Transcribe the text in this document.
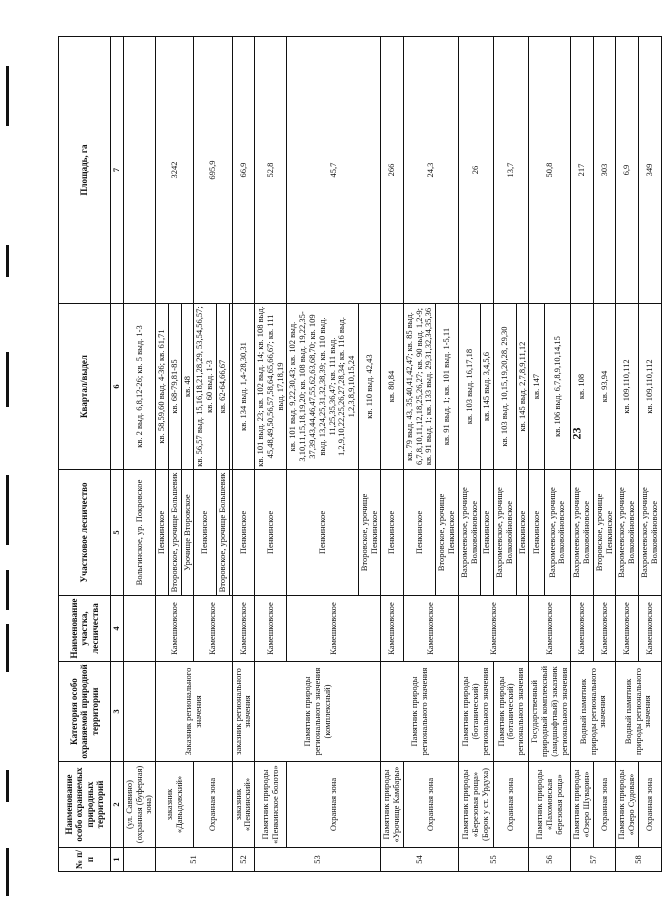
№ п/п	Наименование особо охраняемых природных территорий	Категория особо охраняемой природной территории	Наименование участка, лесничества	Участковое лесничество	Квартал/выдел	Площадь, га
1	2	3	4	5	6	7
	(ул. Саввино) (охранная (буферная) зона)			Вольгинское, ур. Покровское	кв. 2 выд. 6,8,12-26; кв. 5 выд. 1-3	
51	заказник «Давыдовский»	Заказник регионального значения	Камешковское	Пенкинское	кв. 58,59,60 выд. 4-36; кв. 61,71	3242
				Второвское, урочище Большевик	кв. 68-79,81-85	
				Урочище Второвское	кв. 48	
	Охранная зона		Камешковское	Пенкинское	кв. 56,57 выд. 15,16,18,21,28,29, 53,54,56,57; кв. 60 выд. 1-3	695,9
				Второвское, урочище Большевик	кв. 62-64,66,67	

52	заказник «Пенкинский»	заказник регионального значения	Камешковское	Пенкинское	кв. 134 выд. 1,4-28,30,31	66,9
53	Памятник природы «Пенкинское болото»	Памятник природы регионального значения (комплексный)	Камешковское	Пенкинское	кв. 101 выд. 23; кв. 102 выд. 14; кв. 108 выд. 45,48,49,50,56,57,58,64,65,66,67; кв. 111 выд. 17,18,19	52,8
	Охранная зона		Камешковское	Пенкинское	кв. 101 выд. 9,22,30,43; кв. 102 выд. 3,10,11,15,18,19,20; кв. 108 выд. 19,22,35-37,39,43,44,46,47,55,62,63,68,70; кв. 109 выд. 13,24,25,31,32,38,39; кв. 110 выд. 11,25,35,36,47; кв. 111 выд. 1,2,9,10,22,25,26,27,28,34; кв. 116 выд. 1,2,3,8,9,10,15,24	45,7
				Второвское, урочище Пенкинское	кв. 110 выд. 42,43	
54	Памятник природы «Урочище Камбары»	Памятник природы регионального значения	Камешковское	Пенкинское	кв. 80,84	266
	Охранная зона		Камешковское	Пенкинское	кв. 79 выд. 43, 35,40,41,42,47; кв. 85 выд. 6,7,8,10,11,12,18,25,26,27; кв. 90 выд. 1,2-9; кв. 91 выд. 1; кв. 133 выд. 29,31,32,34,35,36	24,3
				Второвское, урочище Пенкинское	кв. 91 выд. 1; кв. 101 выд. 1-5,11	
55	Памятник природы «Березовая роща» (Борок у ст. Урдуха)	Памятник природы (ботанический) регионального значения	Камешковское	Вахромеевское, урочище Волковойновское	кв. 103 выд. 16,17,18	26
				Пенкинское	кв. 145 выд. 3,4,5,6	
	Охранная зона	Памятник природы (ботанический) регионального значения		Вахромеевское, урочище Волковойновское	кв. 103 выд. 10,15,19,20,28, 29,30	13,7
				Пенкинское	кв. 145 выд. 2,7,8,9,11,12	
56	Памятник природы «Пахомовская березовая роща»	Государственный природный комплексный (ландшафтный) заказник регионального значения	Камешковское	Пенкинское	кв. 147	50,8
				Вахромеевское, урочище Волковойновское	кв. 106 выд. 6,7,8,9,10,14,15	
57	Памятник природы «Озеро Шуварин»	Водный памятник природы регионального значения	Камешковское	Вахромеевское, урочище Волковойновское	кв. 108	217
	Охранная зона		Камешковское	Второвское, урочище Пенкинское	кв. 93,94	303
58	Памятник природы «Озеро Судовая»	Водный памятник природы регионального значения	Камешковское	Вахромеевское, урочище Волковойновское	кв. 109,110,112	6,9
	Охранная зона		Камешковское	Вахромеевское, урочище Волковойновское	кв. 109,110,112	349
23
